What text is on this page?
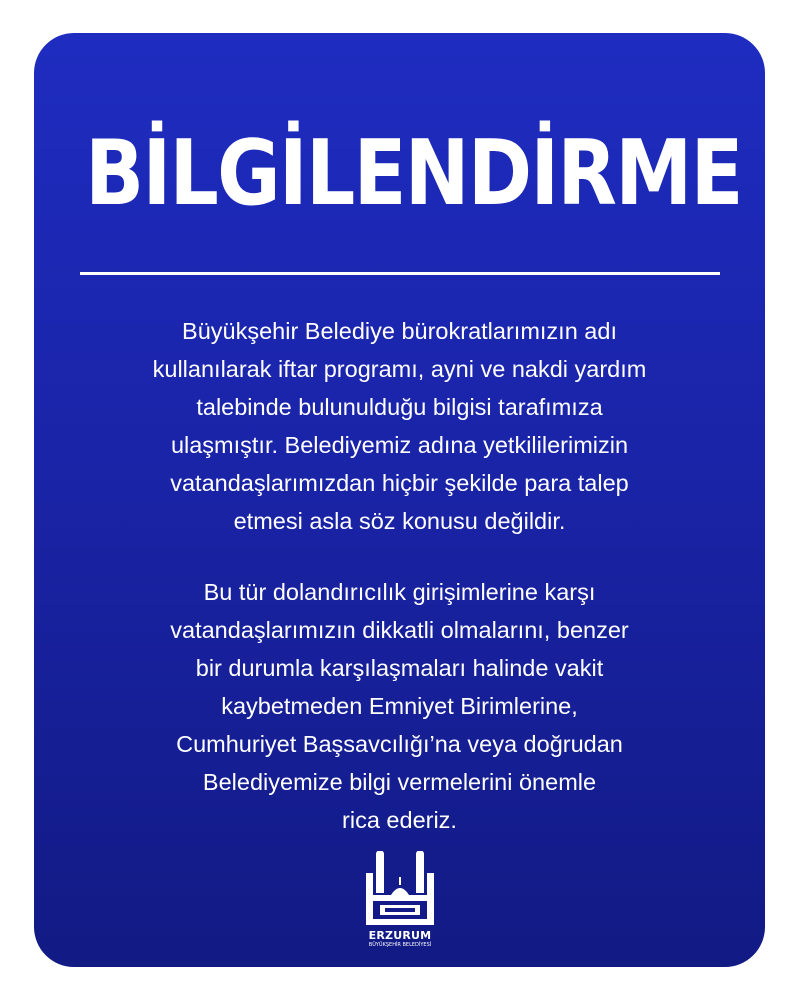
BİLGİLENDİRME
Büyükşehir Belediye bürokratlarımızın adı
kullanılarak iftar programı, ayni ve nakdi yardım
talebinde bulunulduğu bilgisi tarafımıza
ulaşmıştır. Belediyemiz adına yetkililerimizin
vatandaşlarımızdan hiçbir şekilde para talep
etmesi asla söz konusu değildir.
Bu tür dolandırıcılık girişimlerine karşı
vatandaşlarımızın dikkatli olmalarını, benzer
bir durumla karşılaşmaları halinde vakit
kaybetmeden Emniyet Birimlerine,
Cumhuriyet Başsavcılığı’na veya doğrudan
Belediyemize bilgi vermelerini önemle
rica ederiz.
ERZURUM
BÜYÜKŞEHİR BELEDİYESİ
